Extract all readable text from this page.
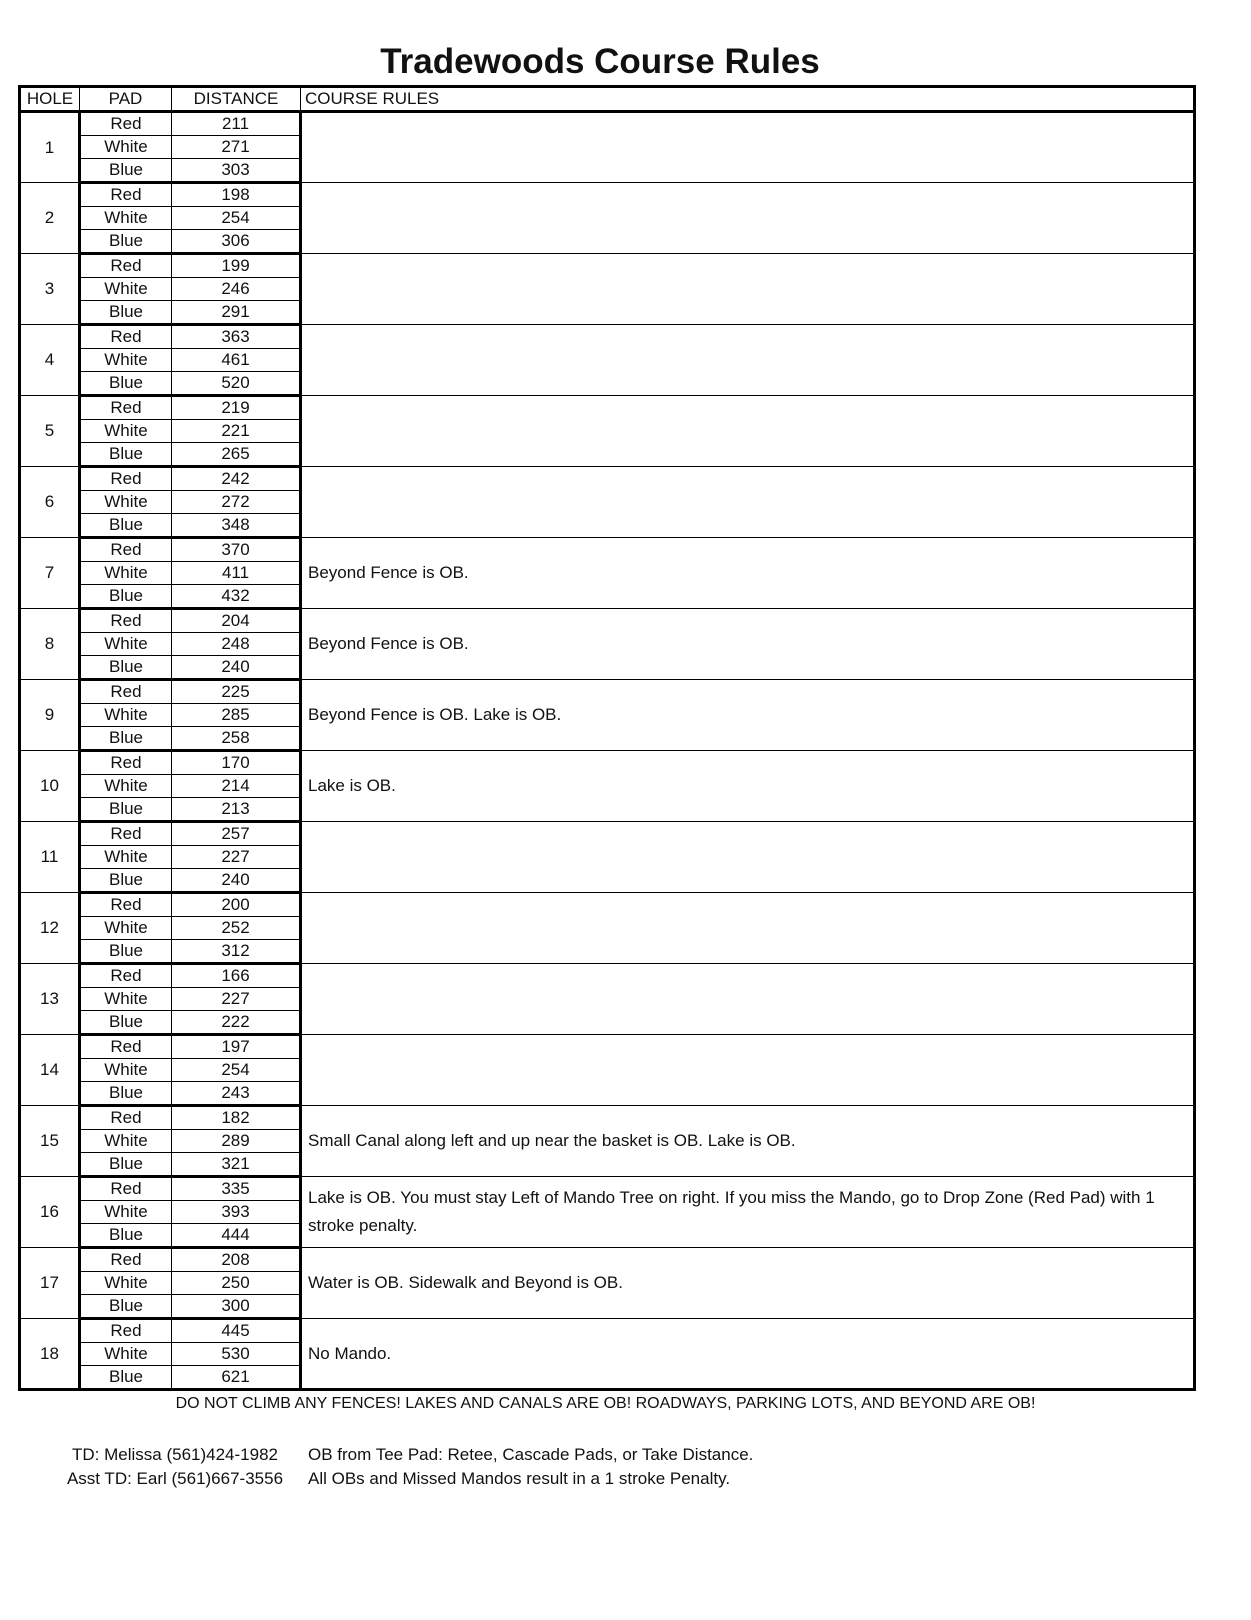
Tradewoods Course Rules
HOLE	PAD	DISTANCE	COURSE RULES
1	Red	211	
	White	271	
	Blue	303	
2	Red	198	
	White	254	
	Blue	306	
3	Red	199	
	White	246	
	Blue	291	
4	Red	363	
	White	461	
	Blue	520	
5	Red	219	
	White	221	
	Blue	265	
6	Red	242	
	White	272	
	Blue	348	
7	Red	370	Beyond Fence is OB.
	White	411	
	Blue	432	
8	Red	204	Beyond Fence is OB.
	White	248	
	Blue	240	
9	Red	225	Beyond Fence is OB. Lake is OB.
	White	285	
	Blue	258	
10	Red	170	Lake is OB.
	White	214	
	Blue	213	
11	Red	257	
	White	227	
	Blue	240	
12	Red	200	
	White	252	
	Blue	312	
13	Red	166	
	White	227	
	Blue	222	
14	Red	197	
	White	254	
	Blue	243	
15	Red	182	Small Canal along left and up near the basket is OB. Lake is OB.
	White	289	
	Blue	321	
16	Red	335	Lake is OB. You must stay Left of Mando Tree on right. If you miss the Mando, go to Drop Zone (Red Pad) with 1 stroke penalty.
	White	393	
	Blue	444	
17	Red	208	Water is OB. Sidewalk and Beyond is OB.
	White	250	
	Blue	300	
18	Red	445	No Mando.
	White	530	
	Blue	621	
DO NOT CLIMB ANY FENCES! LAKES AND CANALS ARE OB! ROADWAYS, PARKING LOTS, AND BEYOND ARE OB!
TD: Melissa (561)424-1982
Asst TD: Earl (561)667-3556
OB from Tee Pad: Retee, Cascade Pads, or Take Distance.
All OBs and Missed Mandos result in a 1 stroke Penalty.
